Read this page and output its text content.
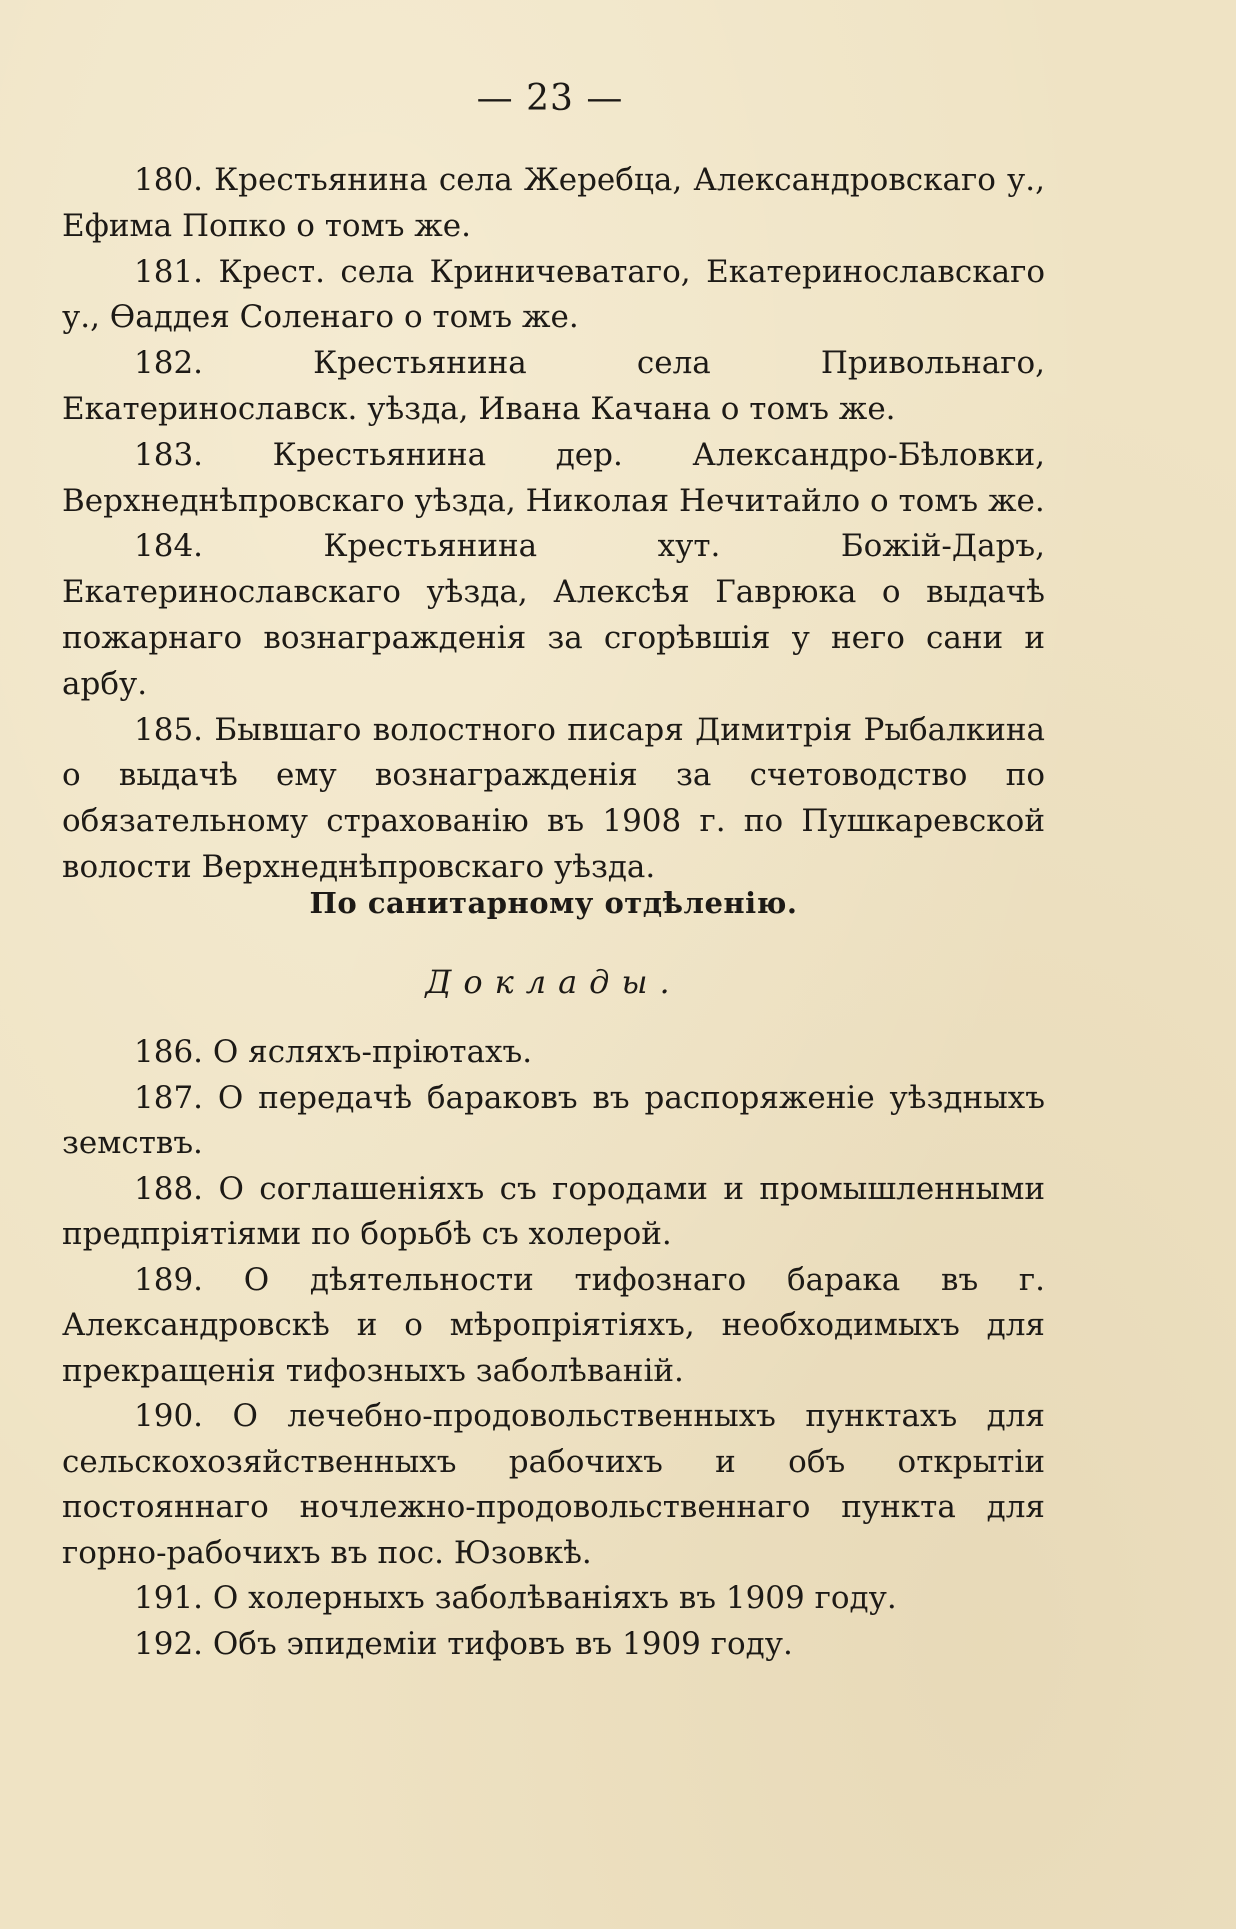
— 23 —

180. Крестьянина села Жеребца, Александровскаго у., Ефима Попко о томъ же.

181. Крест. села Криничеватаго, Екатеринославскаго у., Өаддея Соленаго о томъ же.

182.	Крестьянина села Привольнаго, Екатеринославск. уѣзда, Ивана Качана о томъ же.

183. Крестьянина дер. Александро-Бѣловки, Верхнеднѣпровскаго уѣзда, Николая Нечитайло о томъ же.

184.	Крестьянина хут. Божій-Даръ, Екатеринославскаго уѣзда, Алексѣя Гаврюка о выдачѣ пожарнаго вознагражденія за сгорѣвшія у него сани и арбу.

185. Бывшаго волостного писаря Димитрія Рыбалкина о выдачѣ ему вознагражденія за счетоводство по обязательному страхованію въ 1908 г. по Пушкаревской волости Верхнеднѣпровскаго уѣзда.

По санитарному отдѣленію.
Доклады.

186. О ясляхъ-пріютахъ.

187. О передачѣ бараковъ въ распоряженіе уѣздныхъ земствъ.

188. О соглашеніяхъ съ городами и промышленными предпріятіями по борьбѣ съ холерой.

189. О дѣятельности тифознаго барака въ г. Александровскѣ и о мѣропріятіяхъ, необходимыхъ для прекращенія тифозныхъ заболѣваній.

190. О лечебно-продовольственныхъ пунктахъ для сельскохозяйственныхъ рабочихъ и объ открытіи постояннаго ночлежно-продовольственнаго пункта для горно-рабочихъ въ пос. Юзовкѣ.

191. О холерныхъ заболѣваніяхъ въ 1909 году.

192. Объ эпидеміи тифовъ въ 1909 году.
